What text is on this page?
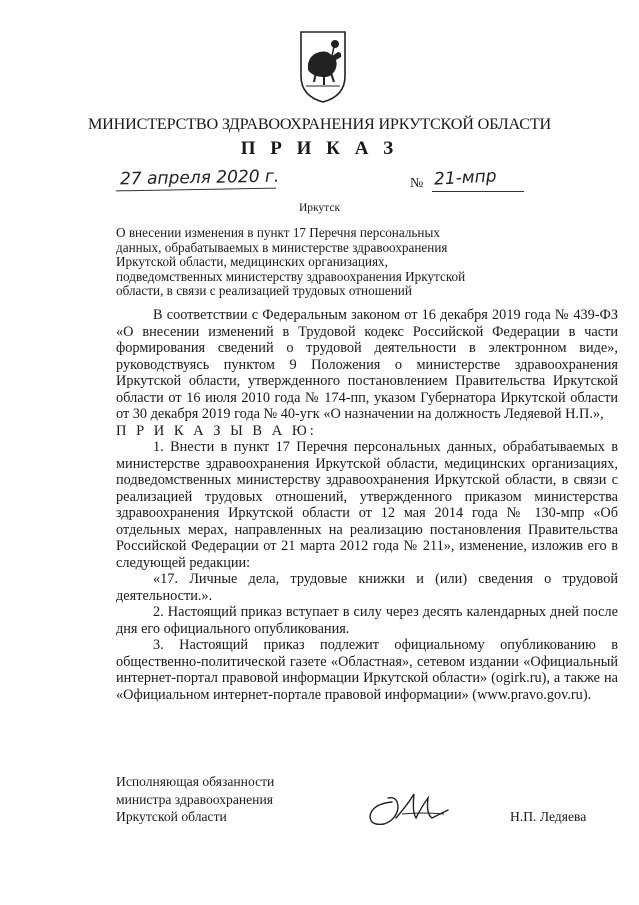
МИНИСТЕРСТВО ЗДРАВООХРАНЕНИЯ ИРКУТСКОЙ ОБЛАСТИ
П Р И К А З
27 апреля 2020 г.	№ 21-мпр
Иркутск
О внесении изменения в пункт 17 Перечня персональных
данных, обрабатываемых в министерстве здравоохранения
Иркутской области, медицинских организациях,
подведомственных министерству здравоохранения Иркутской
области, в связи с реализацией трудовых отношений

В соответствии с Федеральным законом от 16 декабря 2019 года № 439-ФЗ «О внесении изменений в Трудовой кодекс Российской Федерации в части формирования сведений о трудовой деятельности в электронном виде», руководствуясь пунктом 9 Положения о министерстве здравоохранения Иркутской области, утвержденного постановлением Правительства Иркутской области от 16 июля 2010 года № 174-пп, указом Губернатора Иркутской области от 30 декабря 2019 года № 40-угк «О назначении на должность Ледяевой Н.П.»,

П Р И К А З Ы В А Ю:

1. Внести в пункт 17 Перечня персональных данных, обрабатываемых в министерстве здравоохранения Иркутской области, медицинских организациях, подведомственных министерству здравоохранения Иркутской области, в связи с реализацией трудовых отношений, утвержденного приказом министерства здравоохранения Иркутской области от 12 мая 2014 года № 130-мпр «Об отдельных мерах, направленных на реализацию постановления Правительства Российской Федерации от 21 марта 2012 года № 211», изменение, изложив его в следующей редакции:

«17. Личные дела, трудовые книжки и (или) сведения о трудовой деятельности.».

2. Настоящий приказ вступает в силу через десять календарных дней после дня его официального опубликования.

3. Настоящий приказ подлежит официальному опубликованию в общественно-политической газете «Областная», сетевом издании «Официальный интернет-портал правовой информации Иркутской области» (ogirk.ru), а также на «Официальном интернет-портале правовой информации» (www.pravo.gov.ru).

Исполняющая обязанности
министра здравоохранения
Иркутской области	Н.П. Ледяева
